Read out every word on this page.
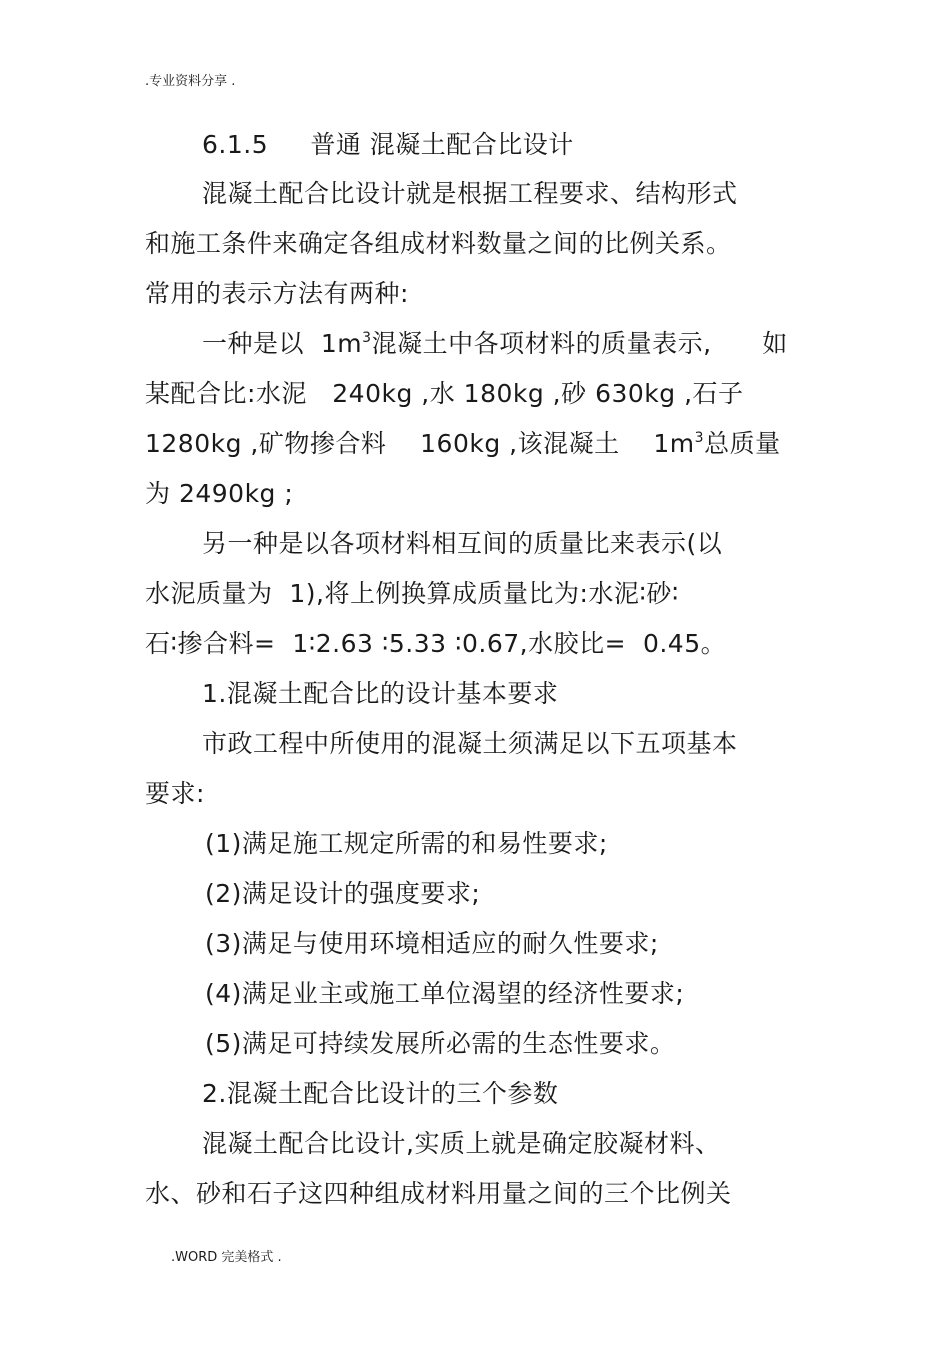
.专业资料分享 .
6.1.5     普通 混凝土配合比设计
混凝土配合比设计就是根据工程要求、结构形式
和施工条件来确定各组成材料数量之间的比例关系。
常用的表示方法有两种:
一种是以  $1m^3$混凝土中各项材料的质量表示,      如
某配合比:水泥   240kg ,水 180kg ,砂 630kg ,石子
1280kg ,矿物掺合料    160kg ,该混凝土    $1m^3$总质量
为 2490kg ;
另一种是以各项材料相互间的质量比来表示(以
水泥质量为  1),将上例换算成质量比为:水泥∶砂∶
石∶掺合料=  1∶2.63 ∶5.33 ∶0.67,水胶比=  0.45。
1.混凝土配合比的设计基本要求
市政工程中所使用的混凝土须满足以下五项基本
要求:
(1)满足施工规定所需的和易性要求;
(2)满足设计的强度要求;
(3)满足与使用环境相适应的耐久性要求;
(4)满足业主或施工单位渴望的经济性要求;
(5)满足可持续发展所必需的生态性要求。
2.混凝土配合比设计的三个参数
混凝土配合比设计,实质上就是确定胶凝材料、
水、砂和石子这四种组成材料用量之间的三个比例关
.WORD 完美格式 .
